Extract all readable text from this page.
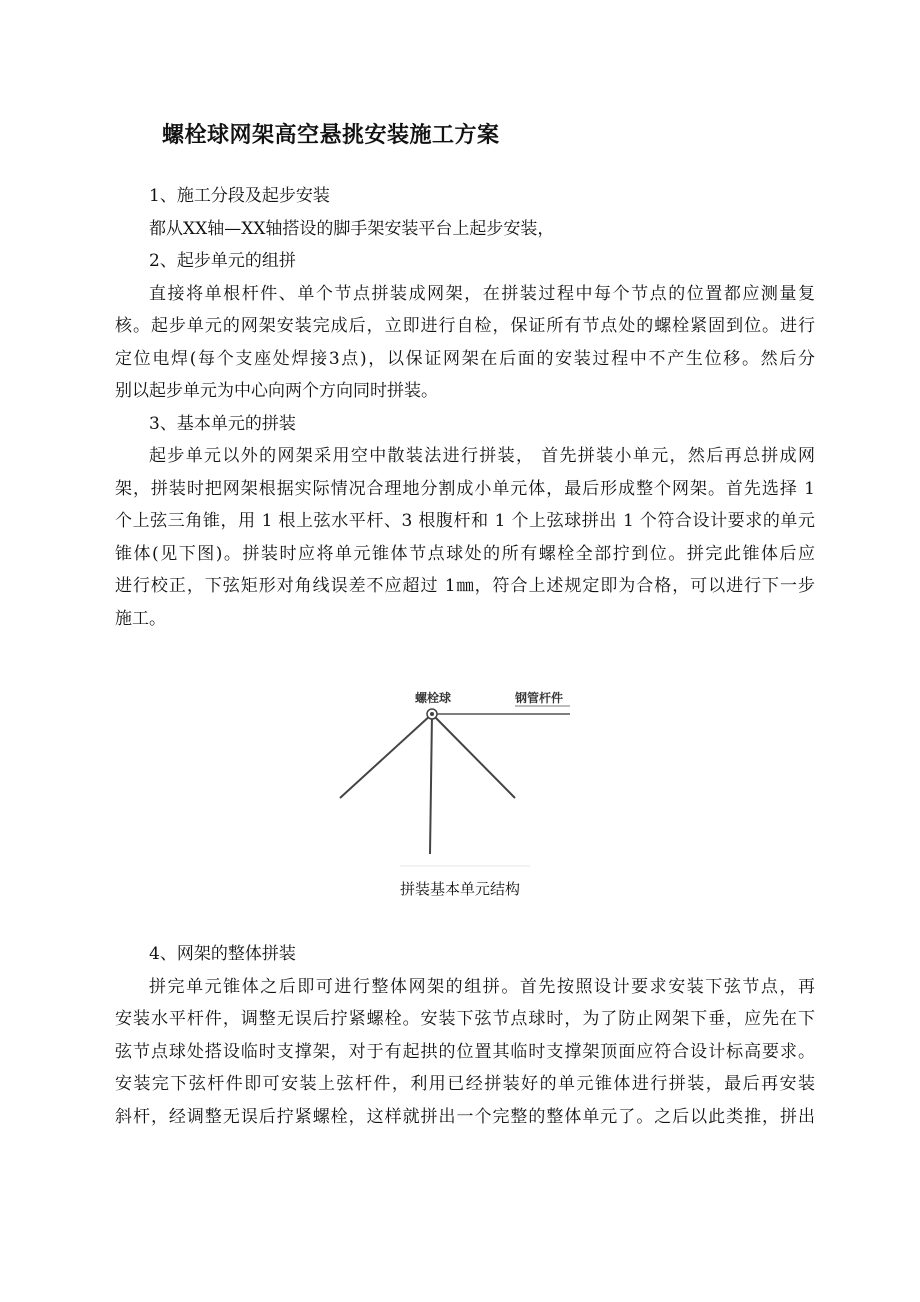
螺栓球网架高空悬挑安装施工方案
1、施工分段及起步安装
都从XX轴—XX轴搭设的脚手架安装平台上起步安装，
2、起步单元的组拼
直接将单根杆件、单个节点拼装成网架，在拼装过程中每个节点的位置都应测量复
核。起步单元的网架安装完成后，立即进行自检，保证所有节点处的螺栓紧固到位。进行
定位电焊(每个支座处焊接3点)，以保证网架在后面的安装过程中不产生位移。然后分
别以起步单元为中心向两个方向同时拼装。
3、基本单元的拼装
起步单元以外的网架采用空中散装法进行拼装， 首先拼装小单元，然后再总拼成网
架，拼装时把网架根据实际情况合理地分割成小单元体，最后形成整个网架。首先选择 1
个上弦三角锥，用 1 根上弦水平杆、3 根腹杆和 1 个上弦球拼出 1 个符合设计要求的单元
锥体(见下图)。拼装时应将单元锥体节点球处的所有螺栓全部拧到位。拼完此锥体后应
进行校正，下弦矩形对角线误差不应超过 1㎜，符合上述规定即为合格，可以进行下一步
施工。
螺栓球	钢管杆件
拼装基本单元结构
4、网架的整体拼装
拼完单元锥体之后即可进行整体网架的组拼。首先按照设计要求安装下弦节点，再
安装水平杆件，调整无误后拧紧螺栓。安装下弦节点球时，为了防止网架下垂，应先在下
弦节点球处搭设临时支撑架，对于有起拱的位置其临时支撑架顶面应符合设计标高要求。
安装完下弦杆件即可安装上弦杆件，利用已经拼装好的单元锥体进行拼装，最后再安装
斜杆，经调整无误后拧紧螺栓，这样就拼出一个完整的整体单元了。之后以此类推，拼出
